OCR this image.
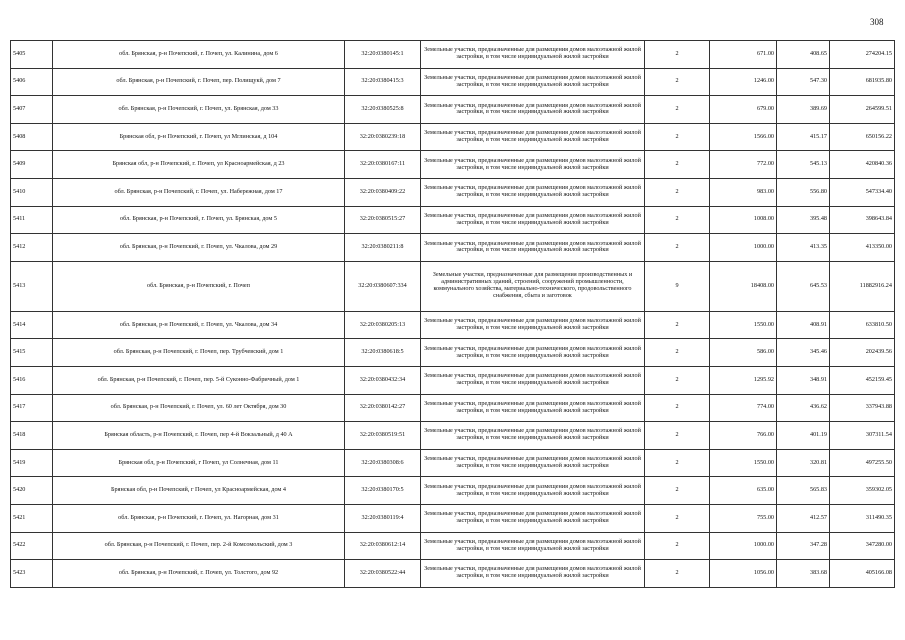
308
5405	обл. Брянская, р-н Почепский, г. Почеп, ул. Калинина, дом 6	32:20:0380145:1	Земельные участки, предназначенные для размещения домов малоэтажной жилой застройки, в том числе индивидуальной жилой застройки	2	671.00	408.65	274204.15
5406	обл. Брянская, р-н Почепский, г. Почеп, пер. Полищукй, дом 7	32:20:0380415:3	Земельные участки, предназначенные для размещения домов малоэтажной жилой застройки, в том числе индивидуальной жилой застройки	2	1246.00	547.30	681935.80
5407	обл. Брянская, р-н Почепский, г. Почеп, ул. Брянская, дом 33	32:20:0380525:8	Земельные участки, предназначенные для размещения домов малоэтажной жилой застройки, в том числе индивидуальной жилой застройки	2	679.00	389.69	264599.51
5408	Брянская обл, р-н Почепский, г. Почеп, ул Мглинская, д 104	32:20:0380239:18	Земельные участки, предназначенные для размещения домов малоэтажной жилой застройки, в том числе индивидуальной жилой застройки	2	1566.00	415.17	650156.22
5409	Брянская обл, р-н Почепский, г. Почеп, ул Красноармейская, д 23	32:20:0380167:11	Земельные участки, предназначенные для размещения домов малоэтажной жилой застройки, в том числе индивидуальной жилой застройки	2	772.00	545.13	420840.36
5410	обл. Брянская, р-н Почепский, г. Почеп, ул. Набережная, дом 17	32:20:0380409:22	Земельные участки, предназначенные для размещения домов малоэтажной жилой застройки, в том числе индивидуальной жилой застройки	2	983.00	556.80	547334.40
5411	обл. Брянская, р-н Почепский, г. Почеп, ул. Брянская, дом 5	32:20:0380515:27	Земельные участки, предназначенные для размещения домов малоэтажной жилой застройки, в том числе индивидуальной жилой застройки	2	1008.00	395.48	398643.84
5412	обл. Брянская, р-н Почепский, г. Почеп, ул. Чкалова, дом 29	32:20:0380211:8	Земельные участки, предназначенные для размещения домов малоэтажной жилой застройки, в том числе индивидуальной жилой застройки	2	1000.00	413.35	413350.00
5413	обл. Брянская, р-н Почепский, г. Почеп	32:20:0380607:334	Земельные участки, предназначенные для размещения производственных и административных зданий, строений, сооружений промышленности, коммунального хозяйства, материально-технического, продовольственного снабжения, сбыта и заготовок	9	18408.00	645.53	11882916.24
5414	обл. Брянская, р-н Почепский, г. Почеп, ул. Чкалова, дом 34	32:20:0380205:13	Земельные участки, предназначенные для размещения домов малоэтажной жилой застройки, в том числе индивидуальной жилой застройки	2	1550.00	408.91	633810.50
5415	обл. Брянская, р-н Почепский, г. Почеп, пер. Трубчевский, дом 1	32:20:0380618:5	Земельные участки, предназначенные для размещения домов малоэтажной жилой застройки, в том числе индивидуальной жилой застройки	2	586.00	345.46	202439.56
5416	обл. Брянская, р-н Почепский, г. Почеп, пер. 5-й Суконно-Фабричный, дом 1	32:20:0380432:34	Земельные участки, предназначенные для размещения домов малоэтажной жилой застройки, в том числе индивидуальной жилой застройки	2	1295.92	348.91	452159.45
5417	обл. Брянская, р-н Почепский, г. Почеп, ул. 60 лет Октября, дом 30	32:20:0380142:27	Земельные участки, предназначенные для размещения домов малоэтажной жилой застройки, в том числе индивидуальной жилой застройки	2	774.00	436.62	337943.88
5418	Брянская область, р-н Почепский, г. Почеп, пер 4-й Вокзальный, д 40 А	32:20:0380519:51	Земельные участки, предназначенные для размещения домов малоэтажной жилой застройки, в том числе индивидуальной жилой застройки	2	766.00	401.19	307311.54
5419	Брянская обл, р-н Почепский, г Почеп, ул Солнечная, дом 11	32:20:0380308:6	Земельные участки, предназначенные для размещения домов малоэтажной жилой застройки, в том числе индивидуальной жилой застройки	2	1550.00	320.81	497255.50
5420	Брянская обл, р-н Почепский, г Почеп, ул Красноармейская, дом 4	32:20:0380170:5	Земельные участки, предназначенные для размещения домов малоэтажной жилой застройки, в том числе индивидуальной жилой застройки	2	635.00	565.83	359302.05
5421	обл. Брянская, р-н Почепский, г. Почеп, ул. Нагорная, дом 31	32:20:0380119:4	Земельные участки, предназначенные для размещения домов малоэтажной жилой застройки, в том числе индивидуальной жилой застройки	2	755.00	412.57	311490.35
5422	обл. Брянская, р-н Почепский, г. Почеп, пер. 2-й Комсомольский, дом 3	32:20:0380612:14	Земельные участки, предназначенные для размещения домов малоэтажной жилой застройки, в том числе индивидуальной жилой застройки	2	1000.00	347.28	347280.00
5423	обл. Брянская, р-н Почепский, г. Почеп, ул. Толстого, дом 92	32:20:0380522:44	Земельные участки, предназначенные для размещения домов малоэтажной жилой застройки, в том числе индивидуальной жилой застройки	2	1056.00	383.68	405166.08
